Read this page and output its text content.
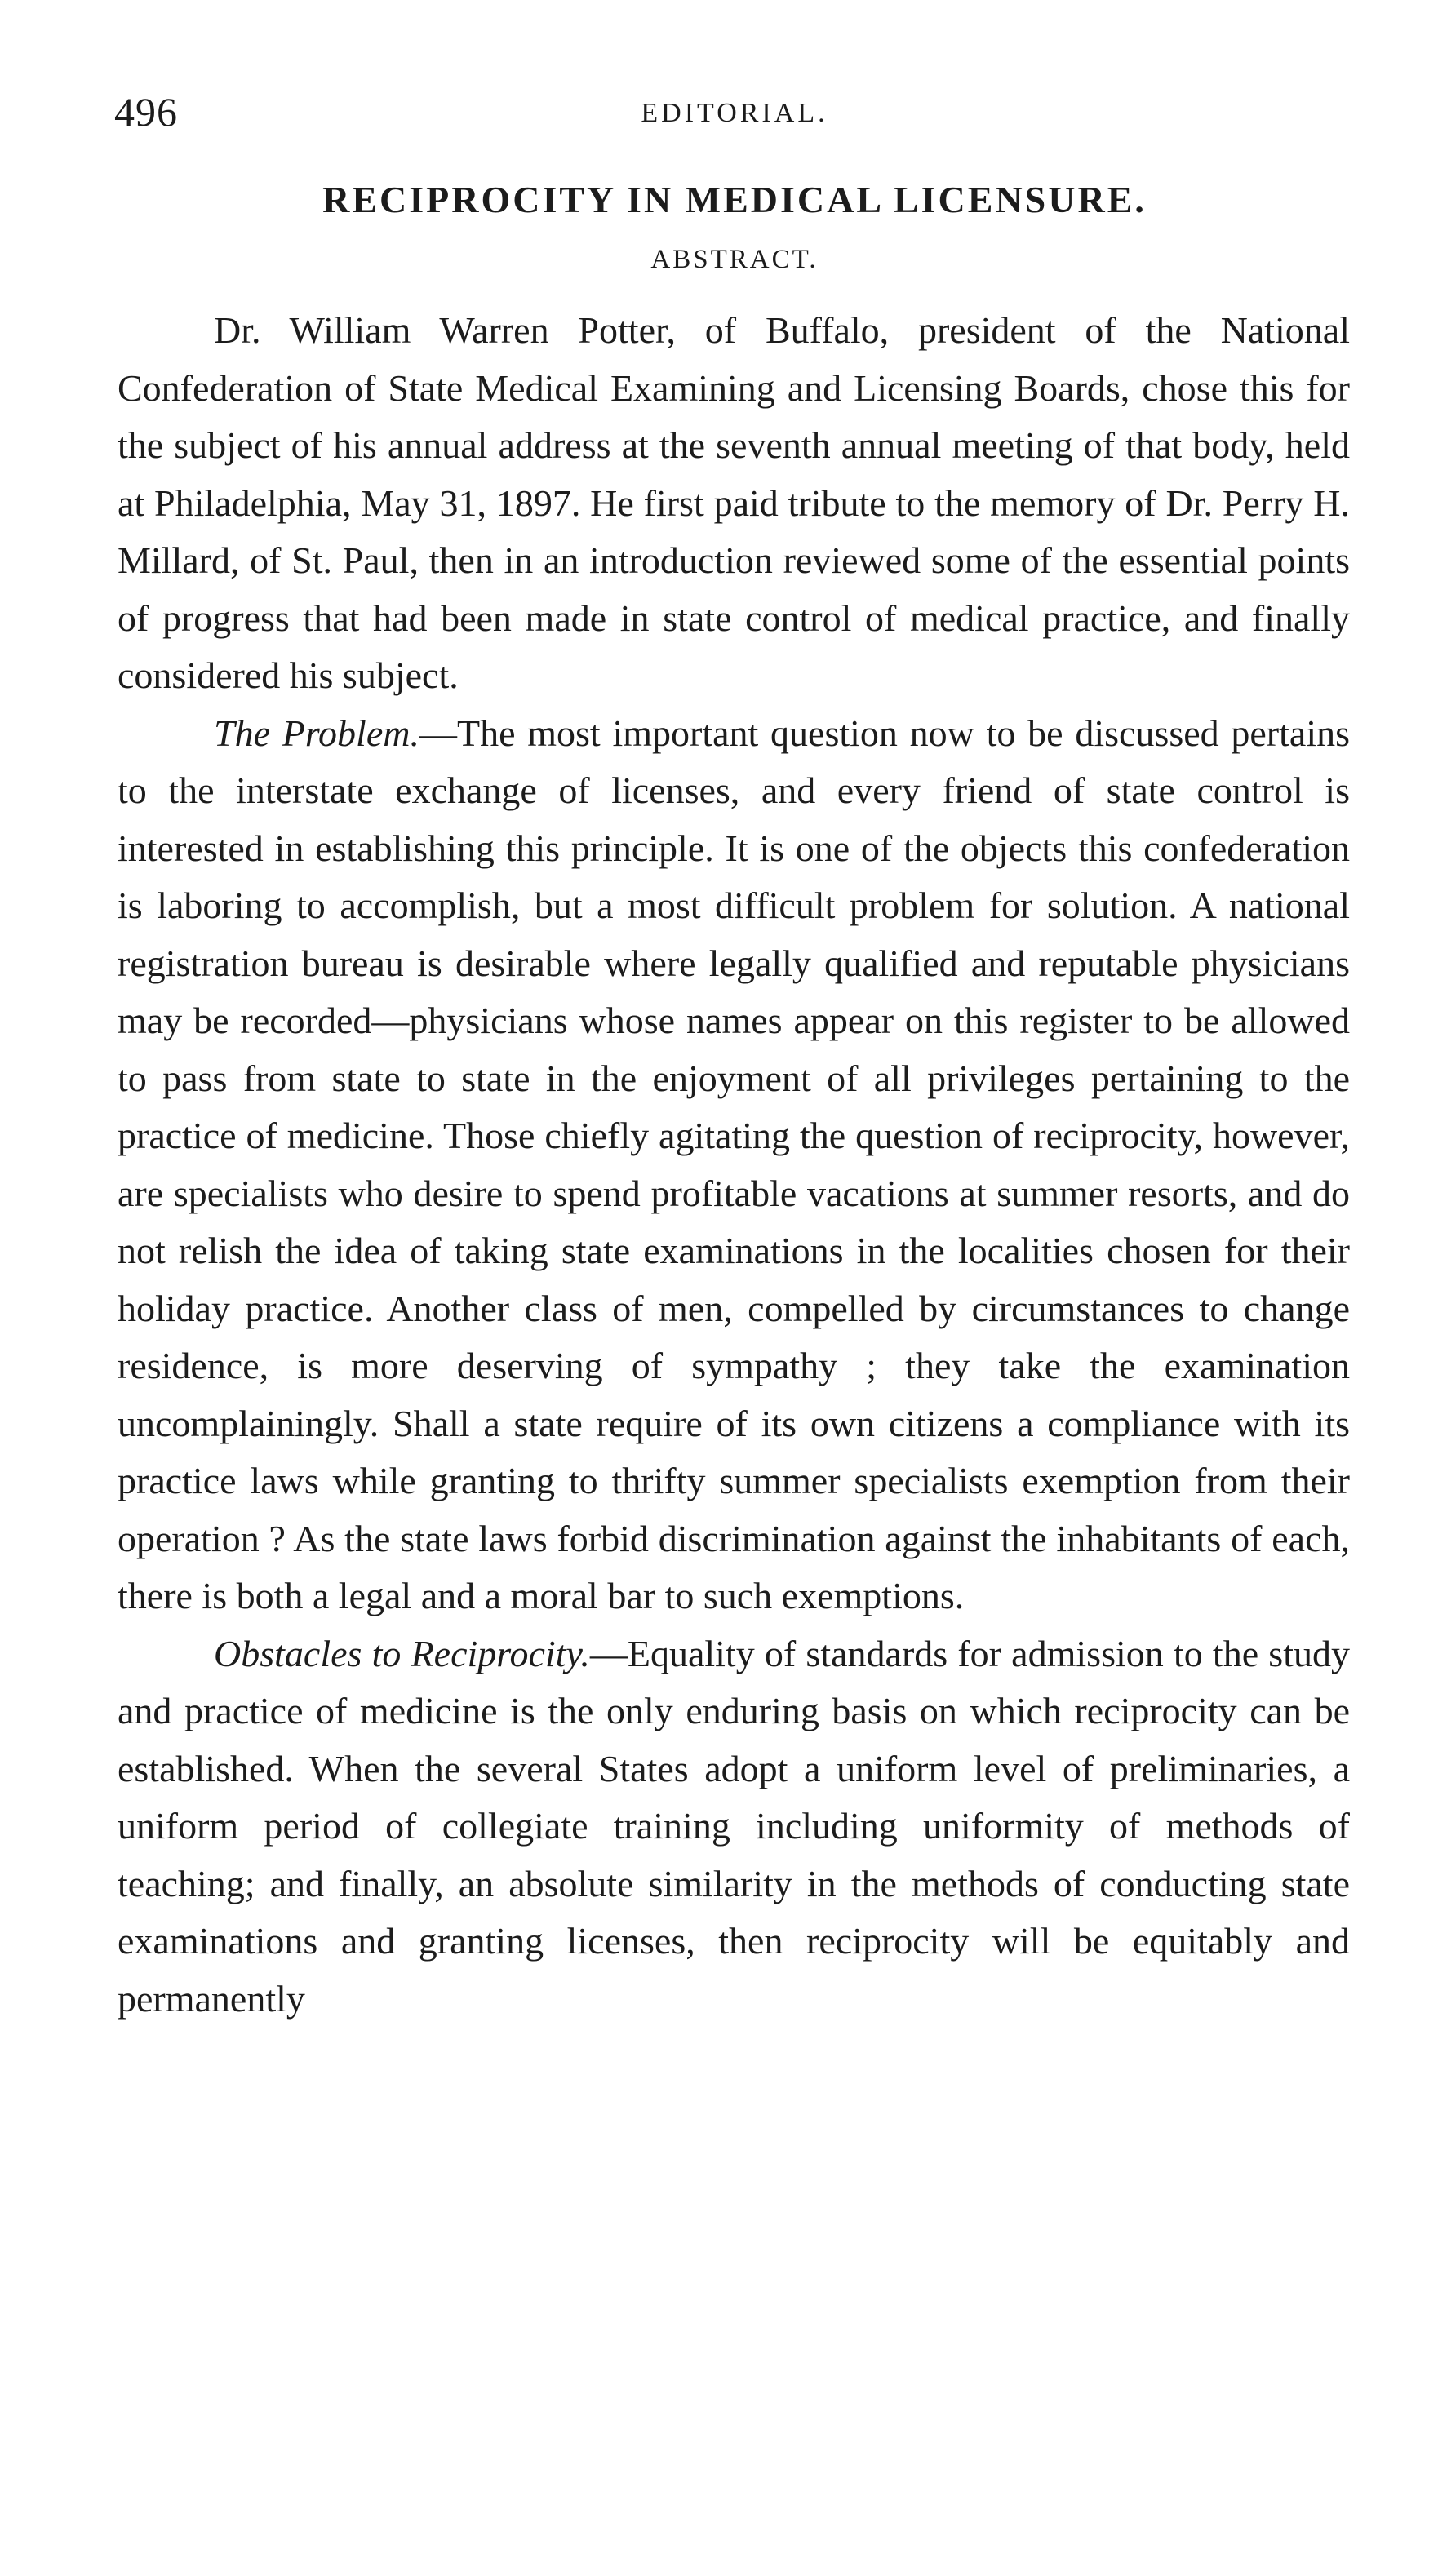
496	EDITORIAL.
RECIPROCITY IN MEDICAL LICENSURE.
ABSTRACT.

Dr. William Warren Potter, of Buffalo, president of the National Confederation of State Medical Examining and Licensing Boards, chose this for the subject of his annual address at the seventh annual meeting of that body, held at Philadelphia, May 31, 1897. He first paid tribute to the memory of Dr. Perry H. Millard, of St. Paul, then in an introduction reviewed some of the essential points of progress that had been made in state control of medical practice, and finally considered his subject.

The Problem.—The most important question now to be discussed pertains to the interstate exchange of licenses, and every friend of state control is interested in establishing this principle. It is one of the objects this confederation is laboring to accomplish, but a most difficult problem for solution. A national registration bureau is desirable where legally qualified and reputable physicians may be recorded—physicians whose names appear on this register to be allowed to pass from state to state in the enjoyment of all privileges pertaining to the practice of medicine. Those chiefly agitating the question of reciprocity, however, are specialists who desire to spend profitable vacations at summer resorts, and do not relish the idea of taking state examinations in the localities chosen for their holiday practice. Another class of men, compelled by circumstances to change residence, is more deserving of sympathy ; they take the examination uncomplainingly. Shall a state require of its own citizens a compliance with its practice laws while granting to thrifty summer specialists exemption from their operation ? As the state laws forbid discrimination against the inhabitants of each, there is both a legal and a moral bar to such exemptions.

Obstacles to Reciprocity.—Equality of standards for admission to the study and practice of medicine is the only enduring basis on which reciprocity can be established. When the several States adopt a uniform level of preliminaries, a uniform period of collegiate training including uniformity of methods of teaching; and finally, an absolute similarity in the methods of conducting state examinations and granting licenses, then reciprocity will be equitably and permanently
